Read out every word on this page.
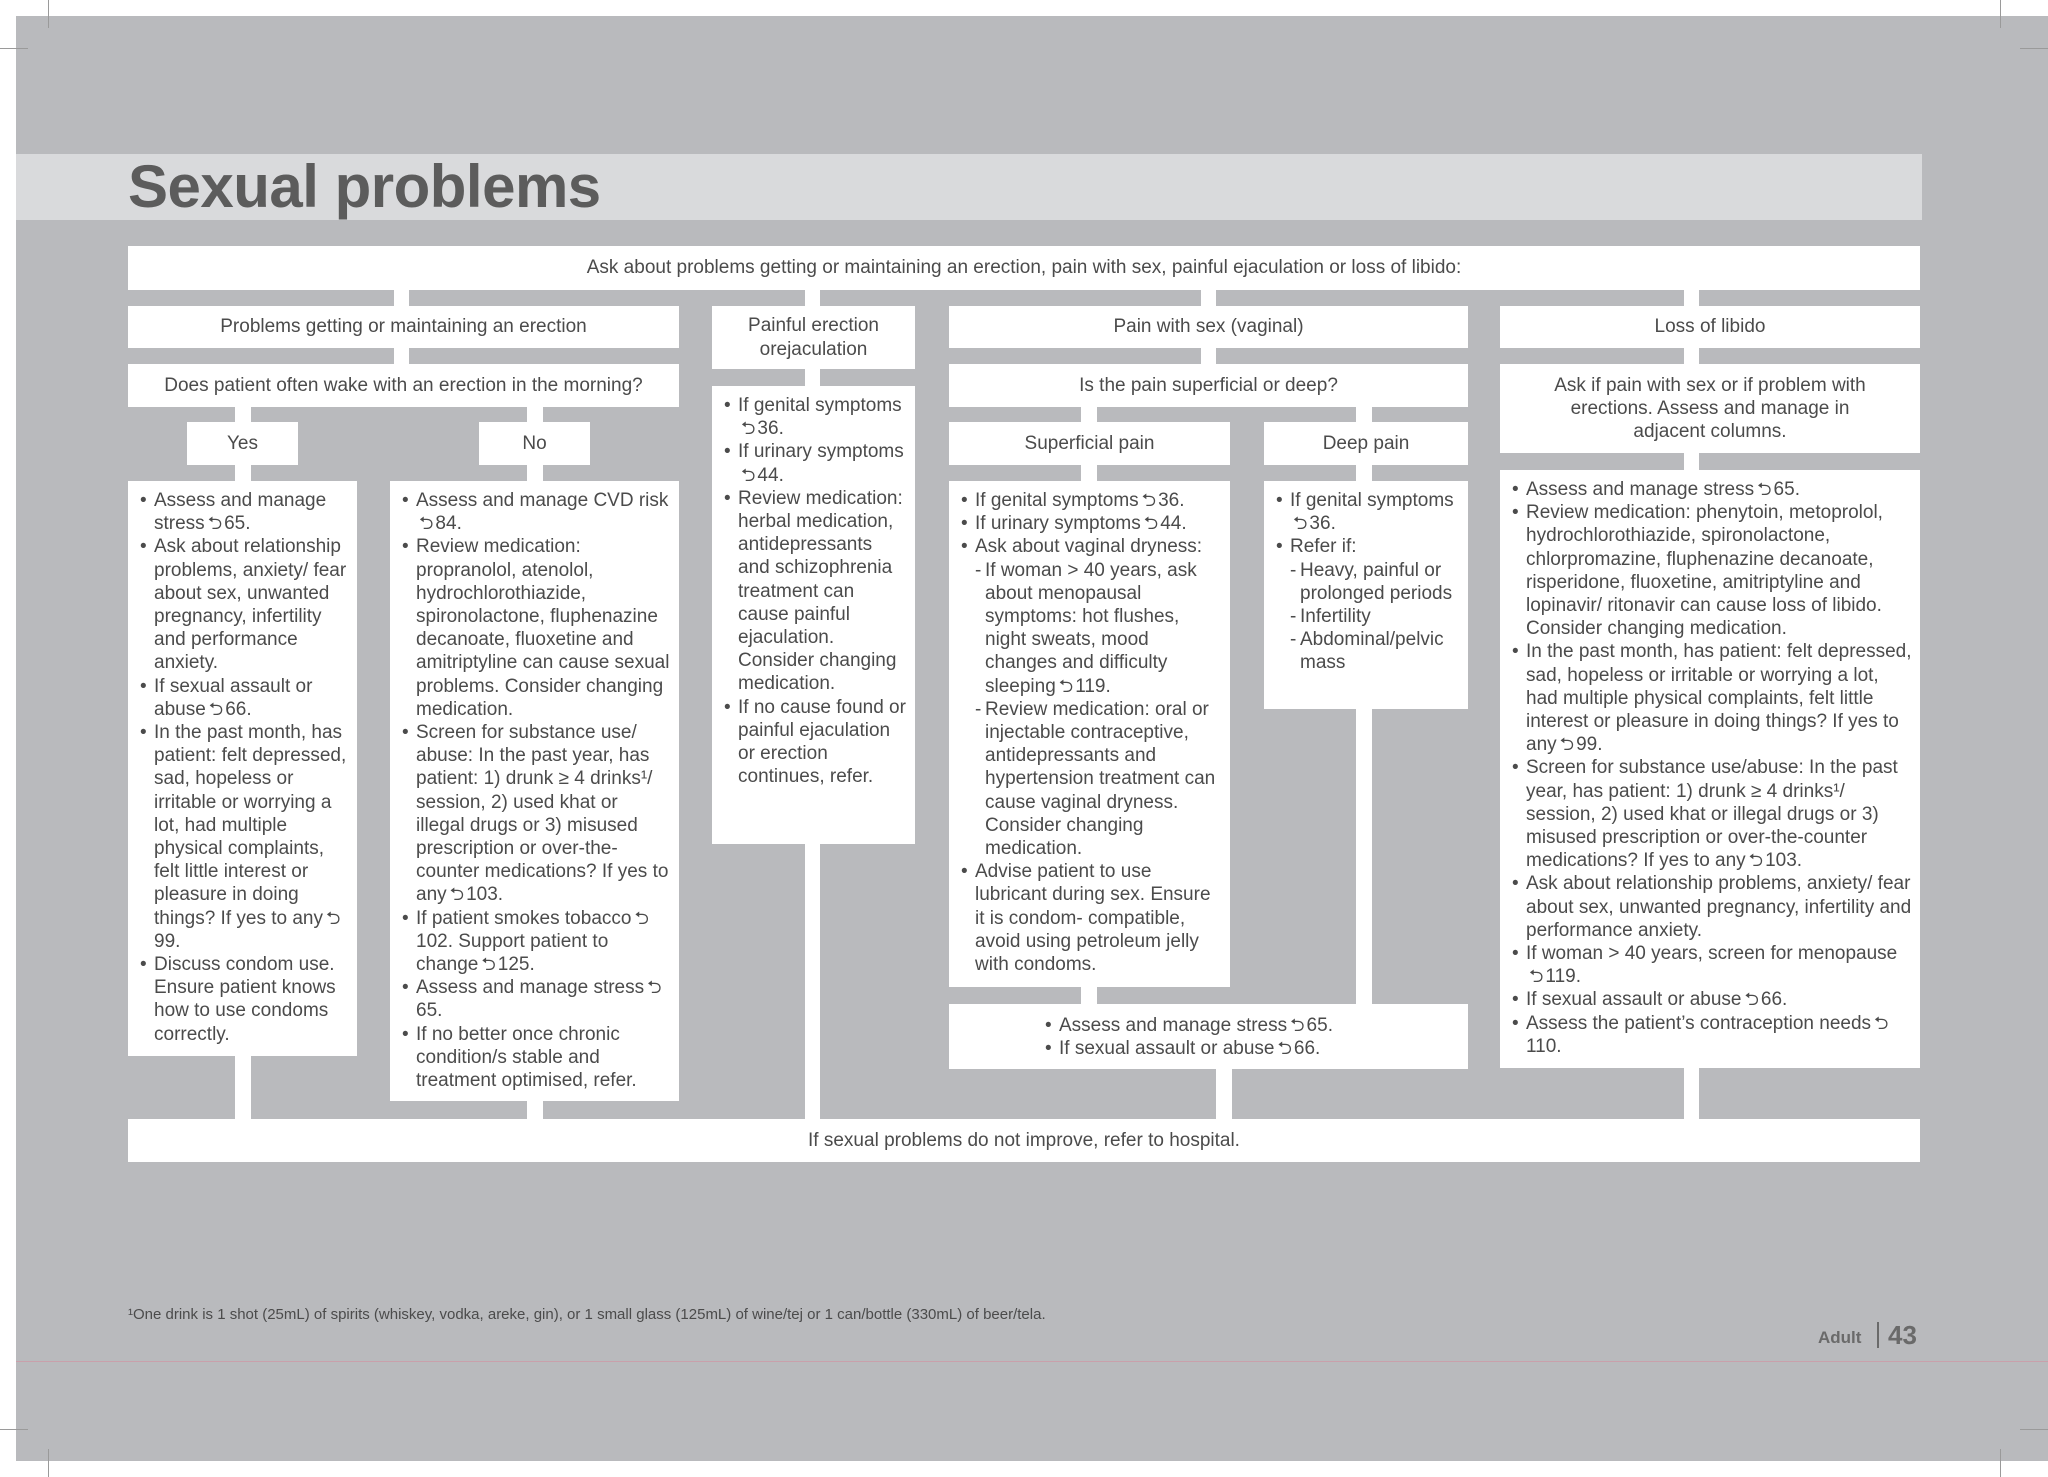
Sexual problems
Ask about problems getting or maintaining an erection, pain with sex, painful ejaculation or loss of libido:
Problems getting or maintaining an erection	Painful erection orejaculation
Pain with sex (vaginal)	Loss of libido
Does patient often wake with an erection in the morning?	Is the pain superficial or deep?	Ask if pain with sex or if problem with erections. Assess and manage in adjacent columns.
Yes	No	Superficial pain	Deep pain
• Assess and manage stress ⮌ 65.
• Ask about relationship problems, anxiety/ fear about sex, unwanted pregnancy, infertility and performance anxiety.
• If sexual assault or abuse ⮌ 66.
• In the past month, has patient: felt depressed, sad, hopeless or irritable or worrying a lot, had multiple physical complaints, felt little interest or pleasure in doing things? If yes to any ⮌99.
• Discuss condom use. Ensure patient knows how to use condoms correctly.
• Assess and manage CVD risk⮌ 84.
• Review medication: propranolol, atenolol, hydrochlorothiazide, spironolactone, fluphenazine decanoate, fluoxetine and amitriptyline can cause sexual problems. Consider changing medication.
• Screen for substance use/ abuse: In the past year, has patient: 1) drunk ≥ 4 drinks¹/ session, 2) used khat or illegal drugs or 3) misused prescription or over-the-counter medications? If yes to any ⮌ 103.
• If patient smokes tobacco ⮌102. Support patient to change ⮌ 125.
• Assess and manage stress ⮌65.
• If no better once chronic condition/s stable and treatment optimised, refer.
• If genital symptoms⮌ 36.
• If urinary symptoms⮌ 44.
• Review medication: herbal medication, antidepressants and schizophrenia treatment can cause painful ejaculation. Consider changing medication.
• If no cause found or painful ejaculation or erection continues, refer.
• If genital symptoms ⮌ 36.
• If urinary symptoms ⮌ 44.
• Ask about vaginal dryness:
- If woman > 40 years, ask about menopausal symptoms: hot flushes, night sweats, mood changes and difficulty sleeping ⮌ 119.
- Review medication: oral or injectable contraceptive, antidepressants and hypertension treatment can cause vaginal dryness. Consider changing medication.
• Advise patient to use lubricant during sex. Ensure it is condom- compatible, avoid using petroleum jelly with condoms.
• If genital symptoms⮌ 36.
• Refer if:
- Heavy, painful or prolonged periods
- Infertility
- Abdominal/pelvic mass
• Assess and manage stress ⮌ 65.
• If sexual assault or abuse ⮌ 66.
• Assess and manage stress ⮌ 65.
• Review medication: phenytoin, metoprolol, hydrochlorothiazide, spironolactone, chlorpromazine, fluphenazine decanoate, risperidone, fluoxetine, amitriptyline and lopinavir/ ritonavir can cause loss of libido. Consider changing medication.
• In the past month, has patient: felt depressed, sad, hopeless or irritable or worrying a lot, had multiple physical complaints, felt little interest or pleasure in doing things? If yes to any ⮌ 99.
• Screen for substance use/abuse: In the past year, has patient: 1) drunk ≥ 4 drinks¹/ session, 2) used khat or illegal drugs or 3) misused prescription or over-the-counter medications? If yes to any ⮌ 103.
• Ask about relationship problems, anxiety/ fear about sex, unwanted pregnancy, infertility and performance anxiety.
• If woman > 40 years, screen for menopause⮌ 119.
• If sexual assault or abuse ⮌ 66.
• Assess the patient’s contraception needs ⮌110.
If sexual problems do not improve, refer to hospital.
¹One drink is 1 shot (25mL) of spirits (whiskey, vodka, areke, gin), or 1 small glass (125mL) of wine/tej or 1 can/bottle (330mL) of beer/tela.
Adult 43
